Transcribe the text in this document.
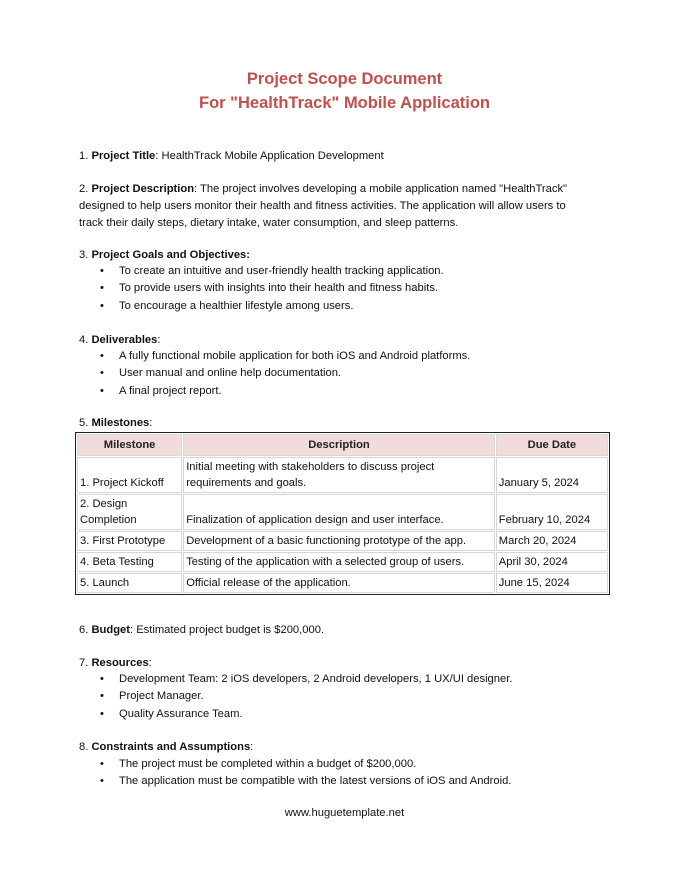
Project Scope Document
For "HealthTrack" Mobile Application
1. Project Title: HealthTrack Mobile Application Development
2. Project Description: The project involves developing a mobile application named "HealthTrack"
designed to help users monitor their health and fitness activities. The application will allow users to
track their daily steps, dietary intake, water consumption, and sleep patterns.
3. Project Goals and Objectives:
• To create an intuitive and user-friendly health tracking application.
• To provide users with insights into their health and fitness habits.
• To encourage a healthier lifestyle among users.
4. Deliverables:
• A fully functional mobile application for both iOS and Android platforms.
• User manual and online help documentation.
• A final project report.
5. Milestones:
Milestone	Description	Due Date

1. Project Kickoff	Initial meeting with stakeholders to discuss project
requirements and goals.	January 5, 2024

2. Design
Completion	Finalization of application design and user interface.	February 10, 2024
3. First Prototype	Development of a basic functioning prototype of the app.	March 20, 2024
4. Beta Testing	Testing of the application with a selected group of users.	April 30, 2024
5. Launch	Official release of the application.	June 15, 2024
6. Budget: Estimated project budget is $200,000.
7. Resources:
• Development Team: 2 iOS developers, 2 Android developers, 1 UX/UI designer.
• Project Manager.
• Quality Assurance Team.
8. Constraints and Assumptions:
• The project must be completed within a budget of $200,000.
• The application must be compatible with the latest versions of iOS and Android.
www.huguetemplate.net
